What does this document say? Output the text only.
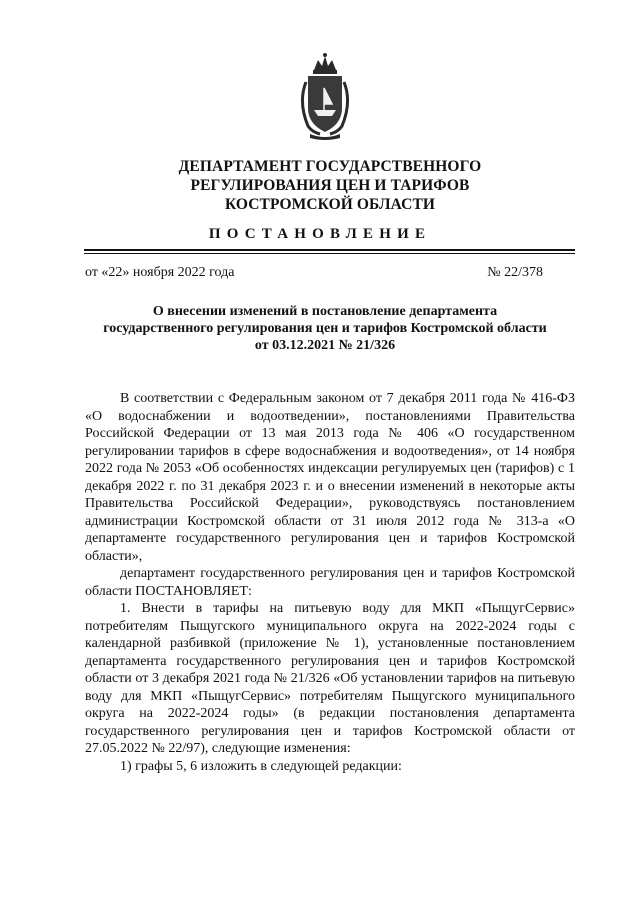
ДЕПАРТАМЕНТ ГОСУДАРСТВЕННОГО
РЕГУЛИРОВАНИЯ ЦЕН И ТАРИФОВ
КОСТРОМСКОЙ ОБЛАСТИ
ПОСТАНОВЛЕНИЕ
от «22» ноября 2022 года	№ 22/378
О внесении изменений в постановление департамента
государственного регулирования цен и тарифов Костромской области
от 03.12.2021 № 21/326

В соответствии с Федеральным законом от 7 декабря 2011 года № 416-ФЗ «О водоснабжении и водоотведении», постановлениями Правительства Российской Федерации от 13 мая 2013 года № 406 «О государственном регулировании тарифов в сфере водоснабжения и водоотведения», от 14 ноября 2022 года № 2053 «Об особенностях индексации регулируемых цен (тарифов) с 1 декабря 2022 г. по 31 декабря 2023 г. и о внесении изменений в некоторые акты Правительства Российской Федерации», руководствуясь постановлением администрации Костромской области от 31 июля 2012 года № 313-а «О департаменте государственного регулирования цен и тарифов Костромской области»,

департамент государственного регулирования цен и тарифов Костромской области ПОСТАНОВЛЯЕТ:

1. Внести в тарифы на питьевую воду для МКП «ПыщугСервис» потребителям Пыщугского муниципального округа на 2022-2024 годы с календарной разбивкой (приложение № 1), установленные постановлением департамента государственного регулирования цен и тарифов Костромской области от 3 декабря 2021 года № 21/326 «Об установлении тарифов на питьевую воду для МКП «ПыщугСервис» потребителям Пыщугского муниципального округа на 2022-2024 годы» (в редакции постановления департамента государственного регулирования цен и тарифов Костромской области от 27.05.2022 № 22/97), следующие изменения:

1) графы 5, 6 изложить в следующей редакции:
